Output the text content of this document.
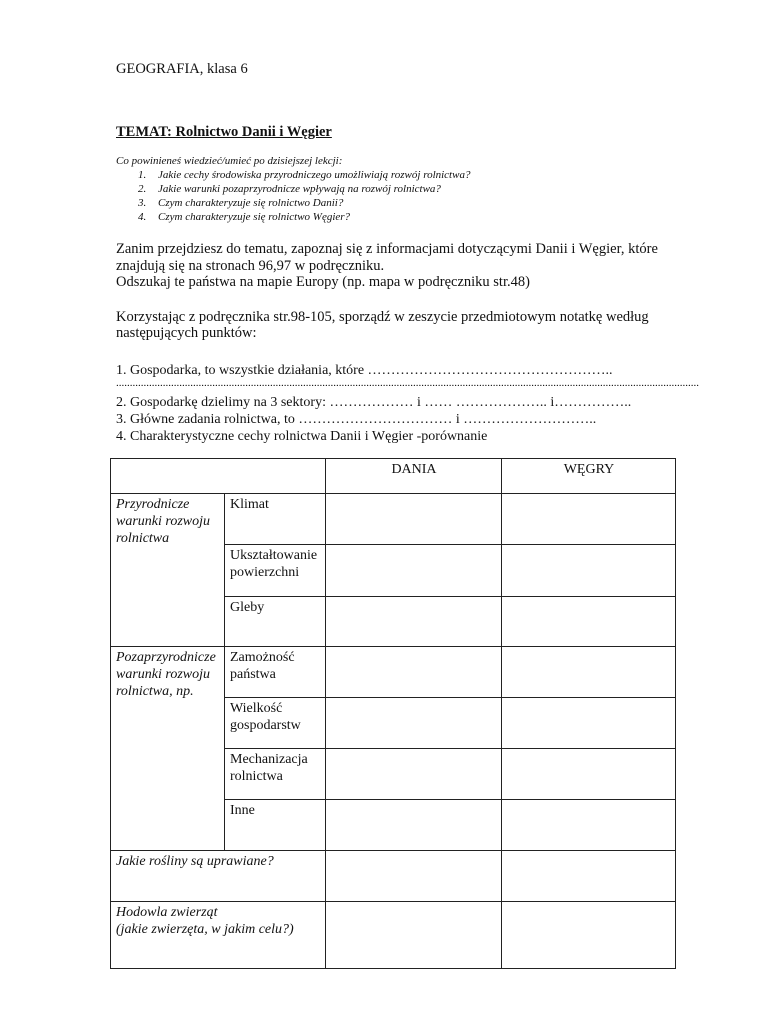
GEOGRAFIA, klasa 6
TEMAT: Rolnictwo Danii i Węgier
Co powinieneś wiedzieć/umieć po dzisiejszej lekcji:
1. Jakie cechy środowiska przyrodniczego umożliwiają rozwój rolnictwa?
2. Jakie warunki pozaprzyrodnicze wpływają na rozwój rolnictwa?
3. Czym charakteryzuje się rolnictwo Danii?
4. Czym charakteryzuje się rolnictwo Węgier?
Zanim przejdziesz do tematu, zapoznaj się z informacjami dotyczącymi Danii i Węgier, które
znajdują się na stronach 96,97 w podręczniku.
Odszukaj te państwa na mapie Europy (np. mapa w podręczniku str.48)
Korzystając z podręcznika str.98-105, sporządź w zeszycie przedmiotowym notatkę według
następujących punktów:
1. Gospodarka, to wszystkie działania, które ……………………………………………..
2. Gospodarkę dzielimy na 3 sektory: ……………… i …… ……………….. i……………..
3. Główne zadania rolnictwa, to …………………………… i ………………………..
4. Charakterystyczne cechy rolnictwa Danii i Węgier -porównanie
....................................................................................................................................................................................................................
		DANIA	WĘGRY
Przyrodnicze warunki rozwoju rolnictwa	Klimat		
	Ukształtowanie powierzchni		
	Gleby		
Pozaprzyrodnicze warunki rozwoju rolnictwa, np.	Zamożność państwa		
	Wielkość gospodarstw		
	Mechanizacja rolnictwa		
	Inne		
Jakie rośliny są uprawiane?			
Hodowla zwierząt
(jakie zwierzęta, w jakim celu?)			
